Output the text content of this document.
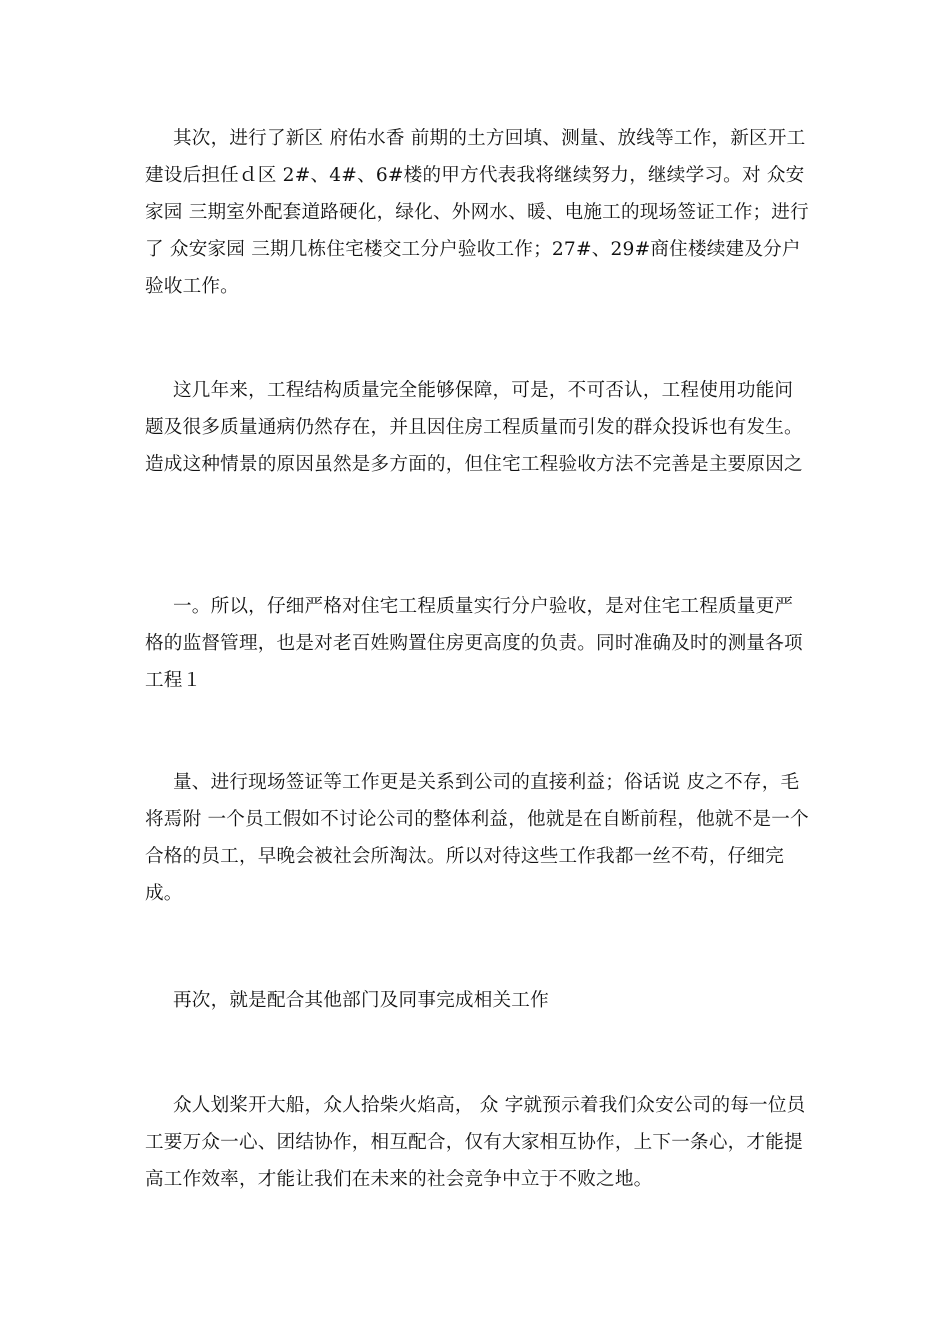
其次，进行了新区 府佑水香 前期的土方回填、测量、放线等工作，新区开工建设后担任ｄ区 2#、4#、6#楼的甲方代表我将继续努力，继续学习。对 众安家园 三期室外配套道路硬化，绿化、外网水、暖、电施工的现场签证工作；进行了 众安家园 三期几栋住宅楼交工分户验收工作；27#、29#商住楼续建及分户验收工作。

这几年来，工程结构质量完全能够保障，可是，不可否认，工程使用功能问题及很多质量通病仍然存在，并且因住房工程质量而引发的群众投诉也有发生。造成这种情景的原因虽然是多方面的，但住宅工程验收方法不完善是主要原因之

一。所以，仔细严格对住宅工程质量实行分户验收，是对住宅工程质量更严格的监督管理，也是对老百姓购置住房更高度的负责。同时准确及时的测量各项工程１

量、进行现场签证等工作更是关系到公司的直接利益；俗话说 皮之不存，毛将焉附 一个员工假如不讨论公司的整体利益，他就是在自断前程，他就不是一个合格的员工，早晚会被社会所淘汰。所以对待这些工作我都一丝不苟，仔细完成。

再次，就是配合其他部门及同事完成相关工作

众人划桨开大船，众人拾柴火焰高， 众 字就预示着我们众安公司的每一位员工要万众一心、团结协作，相互配合，仅有大家相互协作，上下一条心，才能提高工作效率，才能让我们在未来的社会竞争中立于不败之地。
